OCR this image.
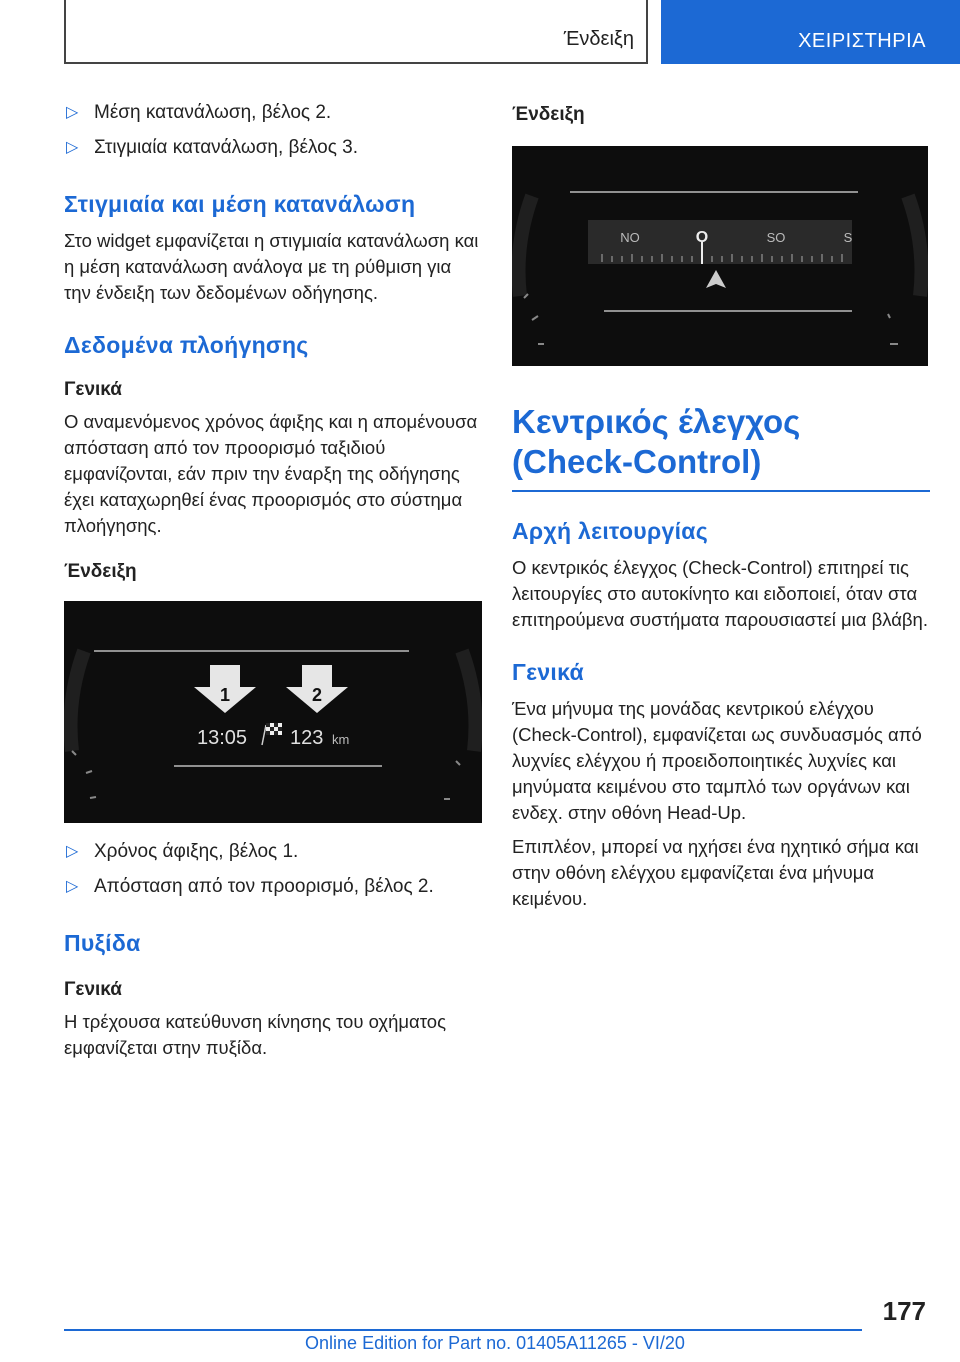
Ένδειξη	ΧΕΙΡΙΣΤΗΡΙΑ
▷ Μέση κατανάλωση, βέλος 2.
▷ Στιγμιαία κατανάλωση, βέλος 3.
Στιγμιαία και μέση κατανάλωση

Στο widget εμφανίζεται η στιγμιαία κατανάλωση και η μέση κατανάλωση ανάλογα με τη ρύθμιση για την ένδειξη των δεδομένων οδήγησης.

Δεδομένα πλοήγησης
Γενικά

Ο αναμενόμενος χρόνος άφιξης και η απομένουσα απόσταση από τον προορισμό ταξιδιού εμφανίζονται, εάν πριν την έναρξη της οδήγησης έχει καταχωρηθεί ένας προορισμός στο σύστημα πλοήγησης.

Ένδειξη
1	2
13:05 123 km
▷ Χρόνος άφιξης, βέλος 1.
▷ Απόσταση από τον προορισμό, βέλος 2.
Πυξίδα
Γενικά

Η τρέχουσα κατεύθυνση κίνησης του οχήματος εμφανίζεται στην πυξίδα.

Ένδειξη
NO	O	SO	S
Κεντρικός έλεγχος (Check-Control)
Αρχή λειτουργίας

Ο κεντρικός έλεγχος (Check-Control) επιτηρεί τις λειτουργίες στο αυτοκίνητο και ειδοποιεί, όταν στα επιτηρούμενα συστήματα παρουσιαστεί μια βλάβη.

Γενικά

Ένα μήνυμα της μονάδας κεντρικού ελέγχου (Check-Control), εμφανίζεται ως συνδυασμός από λυχνίες ελέγχου ή προειδοποιητικές λυχνίες και μηνύματα κειμένου στο ταμπλό των οργάνων και ενδεχ. στην οθόνη Head-Up.

Επιπλέον, μπορεί να ηχήσει ένα ηχητικό σήμα και στην οθόνη ελέγχου εμφανίζεται ένα μήνυμα κειμένου.

177
Online Edition for Part no. 01405A11265 - VI/20
